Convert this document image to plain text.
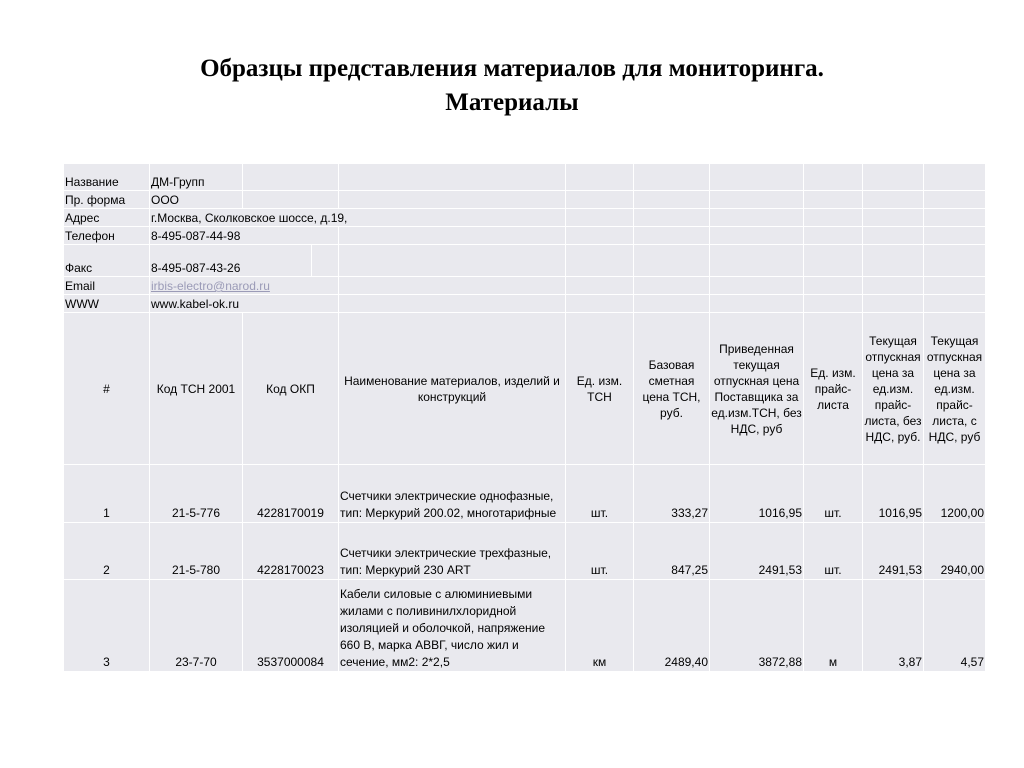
Образцы представления материалов для мониторинга.
Материалы
Название	ДМ-Групп								
Пр. форма	ООО								
Адрес	г.Москва, Сколковское шоссе, д.19,								
Телефон	8-495-087-44-98								
Факс	8-495-087-43-26	

Email	irbis-electro@narod.ru								
WWW	www.kabel-ok.ru								
#	Код ТСН 2001	Код ОКП	Наименование материалов, изделий и конструкций	Ед. изм. ТСН	Базовая сметная цена ТСН, руб.	Приведенная текущая отпускная цена Поставщика за ед.изм.ТСН, без НДС, руб	Ед. изм. прайс-листа	Текущая отпускная цена за ед.изм. прайс-листа, без НДС, руб.	Текущая отпускная цена за ед.изм. прайс-листа, с НДС, руб
1	21-5-776	4228170019	Счетчики электрические однофазные, тип: Меркурий 200.02, многотарифные	шт.	333,27	1016,95	шт.	1016,95	1200,00
2	21-5-780	4228170023	Счетчики электрические трехфазные, тип: Меркурий 230 ART	шт.	847,25	2491,53	шт.	2491,53	2940,00
3	23-7-70	3537000084	Кабели силовые с алюминиевыми жилами с поливинилхлоридной изоляцией и оболочкой, напряжение 660 В, марка АВВГ, число жил и сечение, мм2: 2*2,5	км	2489,40	3872,88	м	3,87	4,57
